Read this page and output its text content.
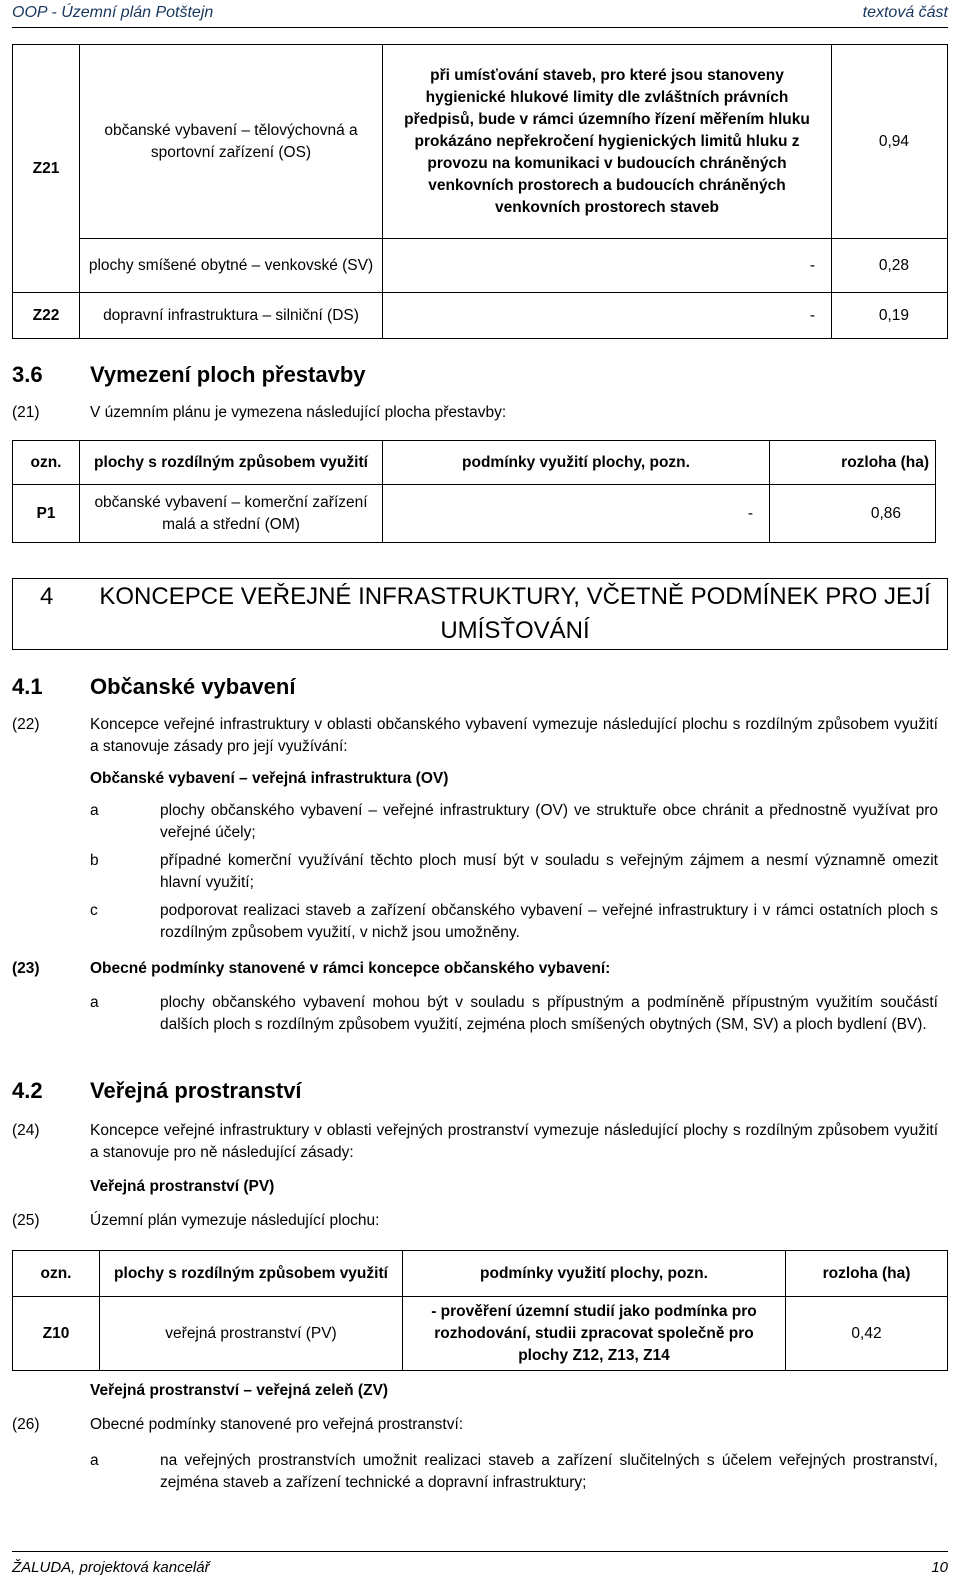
OOP - Územní plán Potštejn	textová část
Z21	občanské vybavení – tělovýchovná a sportovní zařízení (OS)	při umísťování staveb, pro které jsou stanoveny hygienické hlukové limity dle zvláštních právních předpisů, bude v rámci územního řízení měřením hluku prokázáno nepřekročení hygienických limitů hluku z provozu na komunikaci v budoucích chráněných venkovních prostorech a budoucích chráněných venkovních prostorech staveb	0,94
	plochy smíšené obytné – venkovské (SV)	-	0,28
Z22	dopravní infrastruktura – silniční (DS)	-	0,19
3.6 Vymezení ploch přestavby
(21)	V územním plánu je vymezena následující plocha přestavby:
ozn.	plochy s rozdílným způsobem využití	podmínky využití plochy, pozn.	rozloha (ha)
P1	občanské vybavení – komerční zařízení malá a střední (OM)	-	0,86
4	KONCEPCE VEŘEJNÉ INFRASTRUKTURY, VČETNĚ PODMÍNEK PRO JEJÍ UMÍSŤOVÁNÍ
4.1 Občanské vybavení
(22)	Koncepce veřejné infrastruktury v oblasti občanského vybavení vymezuje následující plochu s rozdílným způsobem využití a stanovuje zásady pro její využívání:
Občanské vybavení – veřejná infrastruktura (OV)
a	plochy občanského vybavení – veřejné infrastruktury (OV) ve struktuře obce chránit a přednostně využívat pro veřejné účely;
b	případné komerční využívání těchto ploch musí být v souladu s veřejným zájmem a nesmí významně omezit hlavní využití;
c	podporovat realizaci staveb a zařízení občanského vybavení – veřejné infrastruktury i v rámci ostatních ploch s rozdílným způsobem využití, v nichž jsou umožněny.
(23)	Obecné podmínky stanovené v rámci koncepce občanského vybavení:
a	plochy občanského vybavení mohou být v souladu s přípustným a podmíněně přípustným využitím součástí dalších ploch s rozdílným způsobem využití, zejména ploch smíšených obytných (SM, SV) a ploch bydlení (BV).
4.2 Veřejná prostranství
(24)	Koncepce veřejné infrastruktury v oblasti veřejných prostranství vymezuje následující plochy s rozdílným způsobem využití a stanovuje pro ně následující zásady:
Veřejná prostranství (PV)
(25)	Územní plán vymezuje následující plochu:
ozn.	plochy s rozdílným způsobem využití	podmínky využití plochy, pozn.	rozloha (ha)
Z10	veřejná prostranství (PV)	- prověření územní studií jako podmínka pro rozhodování, studii zpracovat společně pro plochy Z12, Z13, Z14	0,42
Veřejná prostranství – veřejná zeleň (ZV)
(26)	Obecné podmínky stanovené pro veřejná prostranství:
a	na veřejných prostranstvích umožnit realizaci staveb a zařízení slučitelných s účelem veřejných prostranství, zejména staveb a zařízení technické a dopravní infrastruktury;
ŽALUDA, projektová kancelář	10
